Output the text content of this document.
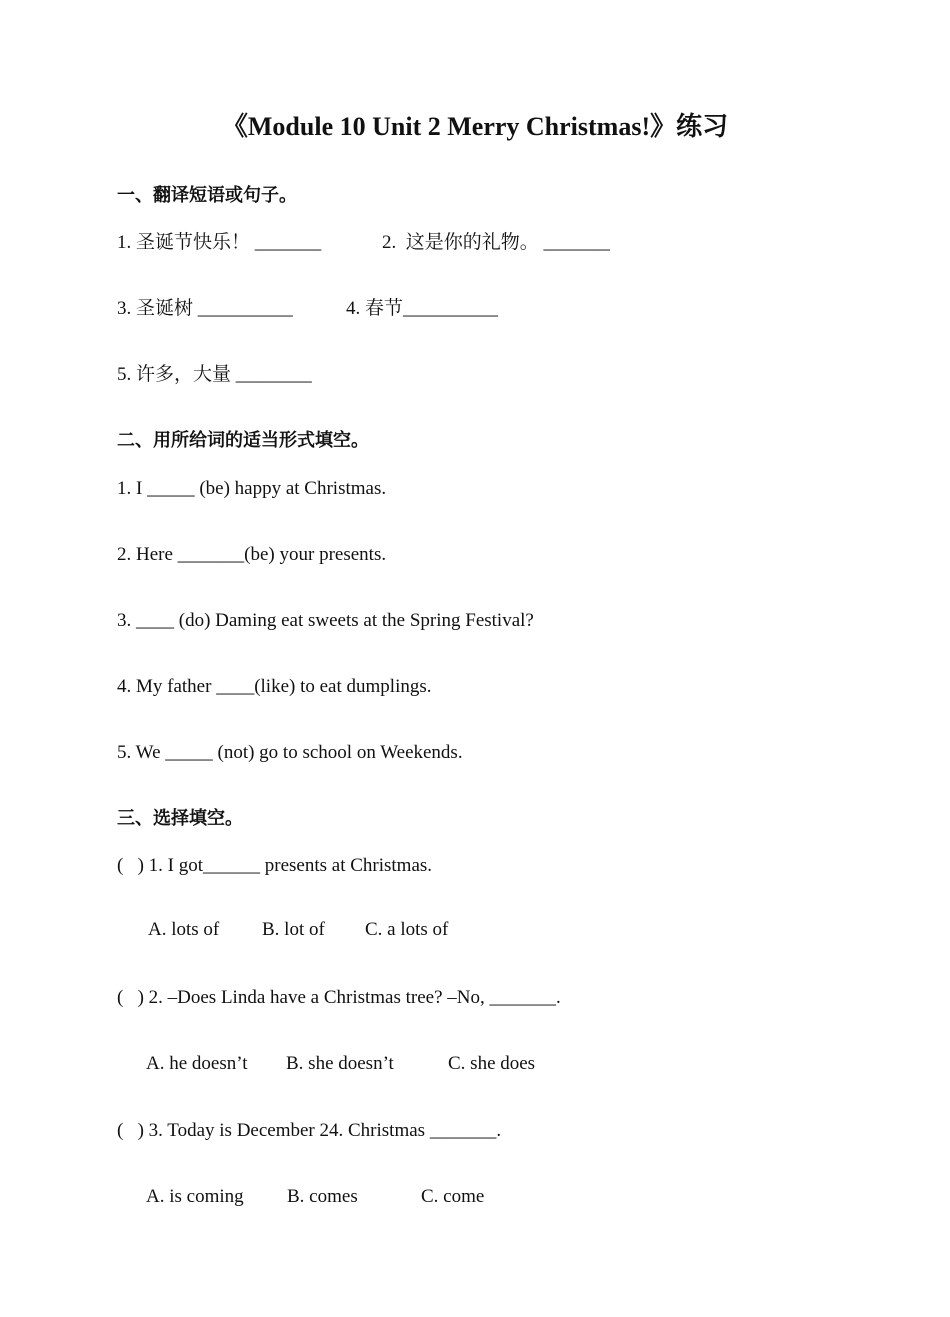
《Module 10 Unit 2 Merry Christmas!》练习
一、翻译短语或句子。
1. 圣诞节快乐！ _______	2.  这是你的礼物。 _______
3. 圣诞树 __________	4. 春节__________
5. 许多，大量 ________
二、用所给词的适当形式填空。
1. I _____ (be) happy at Christmas.
2. Here _______(be) your presents.
3. ____ (do) Daming eat sweets at the Spring Festival?
4. My father ____(like) to eat dumplings.
5. We _____ (not) go to school on Weekends.
三、选择填空。
(   ) 1. I got______ presents at Christmas.
A. lots of B. lot of C. a lots of
(   ) 2. –Does Linda have a Christmas tree? –No, _______.
A. he doesn’t B. she doesn’t	C. she does
(   ) 3. Today is December 24. Christmas _______.
A. is coming B. comes	C. come
